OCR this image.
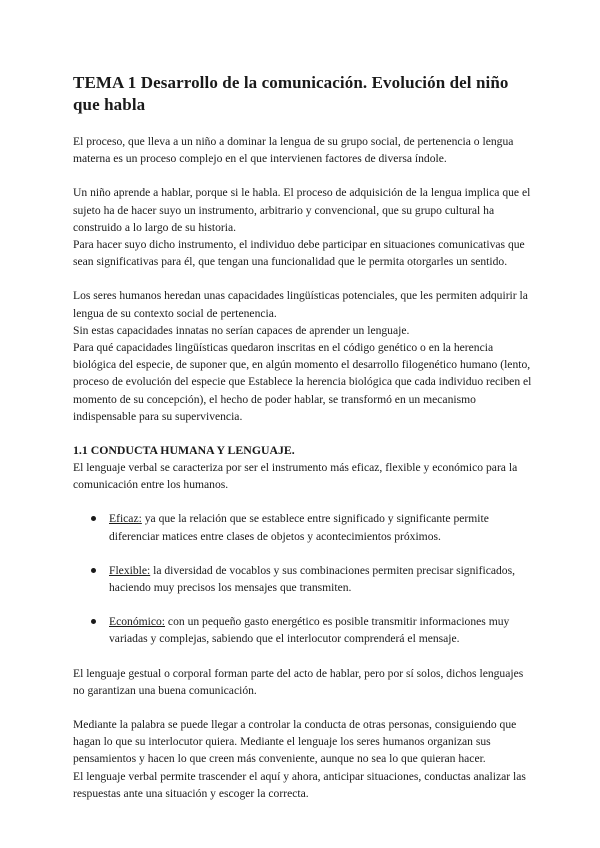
TEMA 1 Desarrollo de la comunicación. Evolución del niño que habla

El proceso, que lleva a un niño a dominar la lengua de su grupo social, de pertenencia o lengua materna es un proceso complejo en el que intervienen factores de diversa índole.

Un niño aprende a hablar, porque si le habla. El proceso de adquisición de la lengua implica que el sujeto ha de hacer suyo un instrumento, arbitrario y convencional, que su grupo cultural ha construido a lo largo de su historia.

Para hacer suyo dicho instrumento, el individuo debe participar en situaciones comunicativas que sean significativas para él, que tengan una funcionalidad que le permita otorgarles un sentido.

Los seres humanos heredan unas capacidades lingüísticas potenciales, que les permiten adquirir la lengua de su contexto social de pertenencia.

Sin estas capacidades innatas no serían capaces de aprender un lenguaje.

Para qué capacidades lingüísticas quedaron inscritas en el código genético o en la herencia biológica del especie, de suponer que, en algún momento el desarrollo filogenético humano (lento, proceso de evolución del especie que Establece la herencia biológica que cada individuo reciben el momento de su concepción), el hecho de poder hablar, se transformó en un mecanismo indispensable para su supervivencia.

1.1 CONDUCTA HUMANA Y LENGUAJE.

El lenguaje verbal se caracteriza por ser el instrumento más eficaz, flexible y económico para la comunicación entre los humanos.

Eficaz: ya que la relación que se establece entre significado y significante permite diferenciar matices entre clases de objetos y acontecimientos próximos.
Flexible: la diversidad de vocablos y sus combinaciones permiten precisar significados, haciendo muy precisos los mensajes que transmiten.
Económico: con un pequeño gasto energético es posible transmitir informaciones muy variadas y complejas, sabiendo que el interlocutor comprenderá el mensaje.

El lenguaje gestual o corporal forman parte del acto de hablar, pero por sí solos, dichos lenguajes no garantizan una buena comunicación.

Mediante la palabra se puede llegar a controlar la conducta de otras personas, consiguiendo que hagan lo que su interlocutor quiera. Mediante el lenguaje los seres humanos organizan sus pensamientos y hacen lo que creen más conveniente, aunque no sea lo que quieran hacer.

El lenguaje verbal permite trascender el aquí y ahora, anticipar situaciones, conductas analizar las respuestas ante una situación y escoger la correcta.
